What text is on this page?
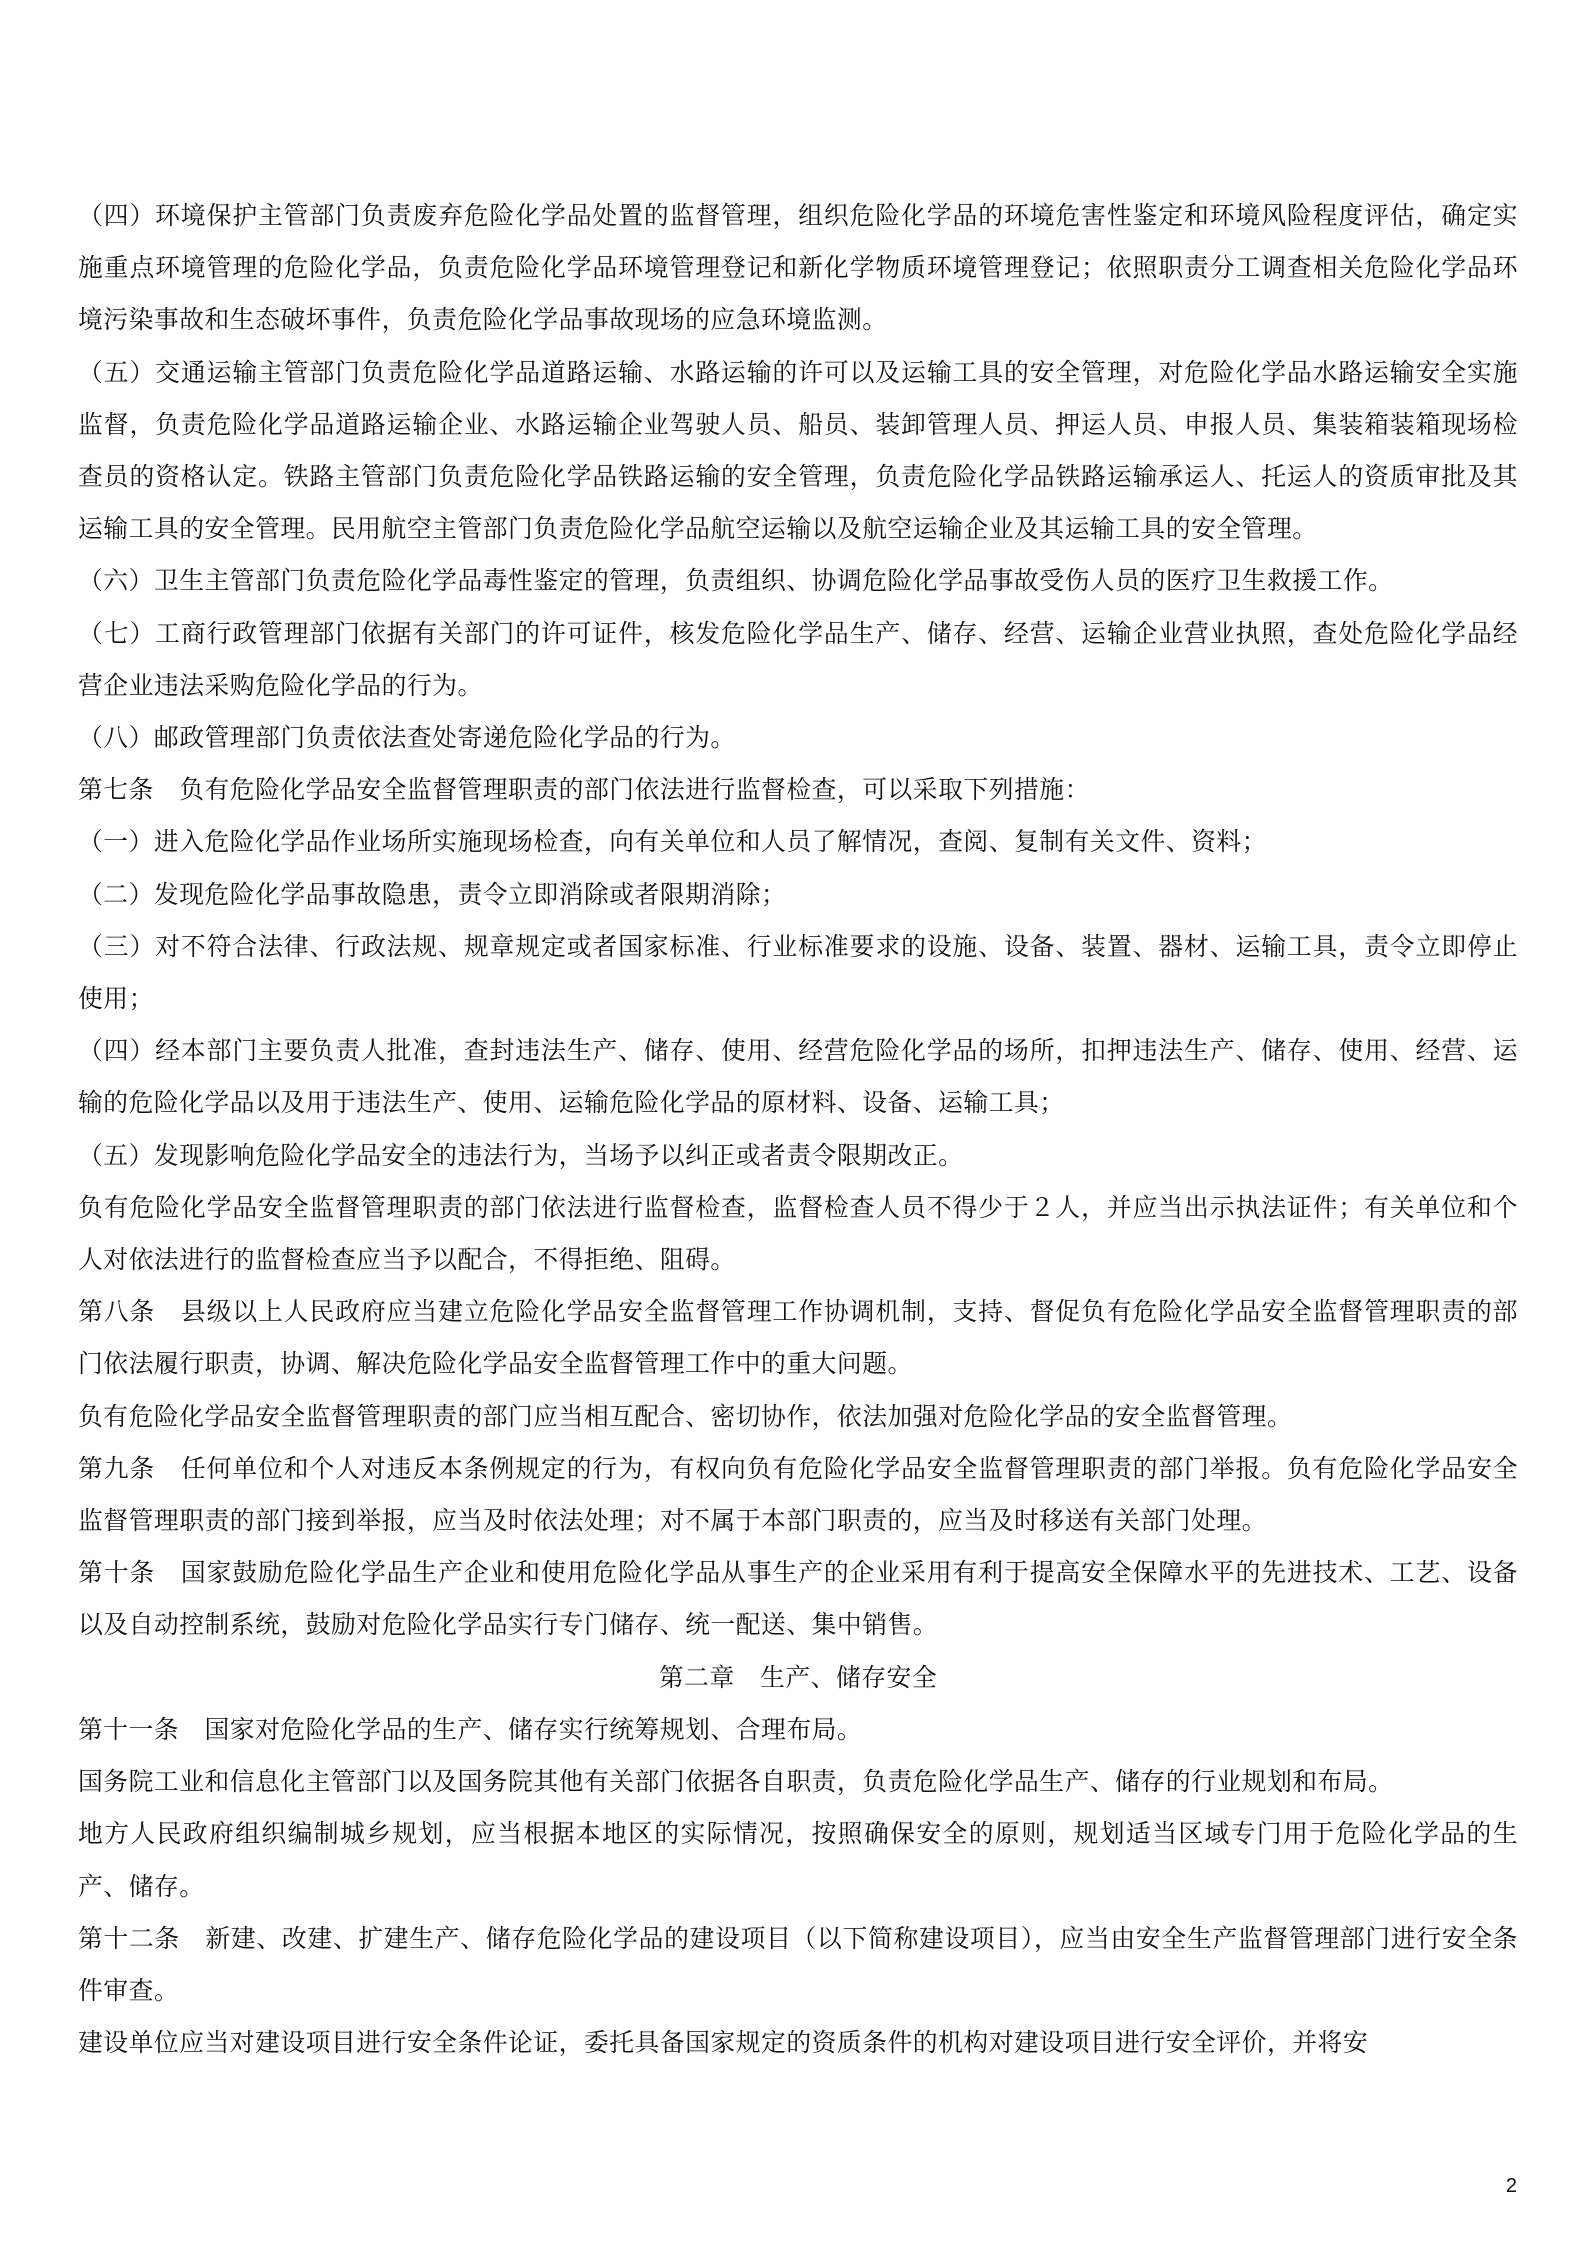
（四）环境保护主管部门负责废弃危险化学品处置的监督管理，组织危险化学品的环境危害性鉴定和环境风险程度评估，确定实施重点环境管理的危险化学品，负责危险化学品环境管理登记和新化学物质环境管理登记；依照职责分工调查相关危险化学品环境污染事故和生态破坏事件，负责危险化学品事故现场的应急环境监测。

（五）交通运输主管部门负责危险化学品道路运输、水路运输的许可以及运输工具的安全管理，对危险化学品水路运输安全实施监督，负责危险化学品道路运输企业、水路运输企业驾驶人员、船员、装卸管理人员、押运人员、申报人员、集装箱装箱现场检查员的资格认定。铁路主管部门负责危险化学品铁路运输的安全管理，负责危险化学品铁路运输承运人、托运人的资质审批及其运输工具的安全管理。民用航空主管部门负责危险化学品航空运输以及航空运输企业及其运输工具的安全管理。

（六）卫生主管部门负责危险化学品毒性鉴定的管理，负责组织、协调危险化学品事故受伤人员的医疗卫生救援工作。

（七）工商行政管理部门依据有关部门的许可证件，核发危险化学品生产、储存、经营、运输企业营业执照，查处危险化学品经营企业违法采购危险化学品的行为。

（八）邮政管理部门负责依法查处寄递危险化学品的行为。

第七条　负有危险化学品安全监督管理职责的部门依法进行监督检查，可以采取下列措施：

（一）进入危险化学品作业场所实施现场检查，向有关单位和人员了解情况，查阅、复制有关文件、资料；

（二）发现危险化学品事故隐患，责令立即消除或者限期消除；

（三）对不符合法律、行政法规、规章规定或者国家标准、行业标准要求的设施、设备、装置、器材、运输工具，责令立即停止使用；

（四）经本部门主要负责人批准，查封违法生产、储存、使用、经营危险化学品的场所，扣押违法生产、储存、使用、经营、运输的危险化学品以及用于违法生产、使用、运输危险化学品的原材料、设备、运输工具；

（五）发现影响危险化学品安全的违法行为，当场予以纠正或者责令限期改正。

负有危险化学品安全监督管理职责的部门依法进行监督检查，监督检查人员不得少于２人，并应当出示执法证件；有关单位和个人对依法进行的监督检查应当予以配合，不得拒绝、阻碍。

第八条　县级以上人民政府应当建立危险化学品安全监督管理工作协调机制，支持、督促负有危险化学品安全监督管理职责的部门依法履行职责，协调、解决危险化学品安全监督管理工作中的重大问题。

负有危险化学品安全监督管理职责的部门应当相互配合、密切协作，依法加强对危险化学品的安全监督管理。

第九条　任何单位和个人对违反本条例规定的行为，有权向负有危险化学品安全监督管理职责的部门举报。负有危险化学品安全监督管理职责的部门接到举报，应当及时依法处理；对不属于本部门职责的，应当及时移送有关部门处理。

第十条　国家鼓励危险化学品生产企业和使用危险化学品从事生产的企业采用有利于提高安全保障水平的先进技术、工艺、设备以及自动控制系统，鼓励对危险化学品实行专门储存、统一配送、集中销售。

第二章　生产、储存安全

第十一条　国家对危险化学品的生产、储存实行统筹规划、合理布局。

国务院工业和信息化主管部门以及国务院其他有关部门依据各自职责，负责危险化学品生产、储存的行业规划和布局。

地方人民政府组织编制城乡规划，应当根据本地区的实际情况，按照确保安全的原则，规划适当区域专门用于危险化学品的生产、储存。

第十二条　新建、改建、扩建生产、储存危险化学品的建设项目（以下简称建设项目），应当由安全生产监督管理部门进行安全条件审查。

建设单位应当对建设项目进行安全条件论证，委托具备国家规定的资质条件的机构对建设项目进行安全评价，并将安

2
